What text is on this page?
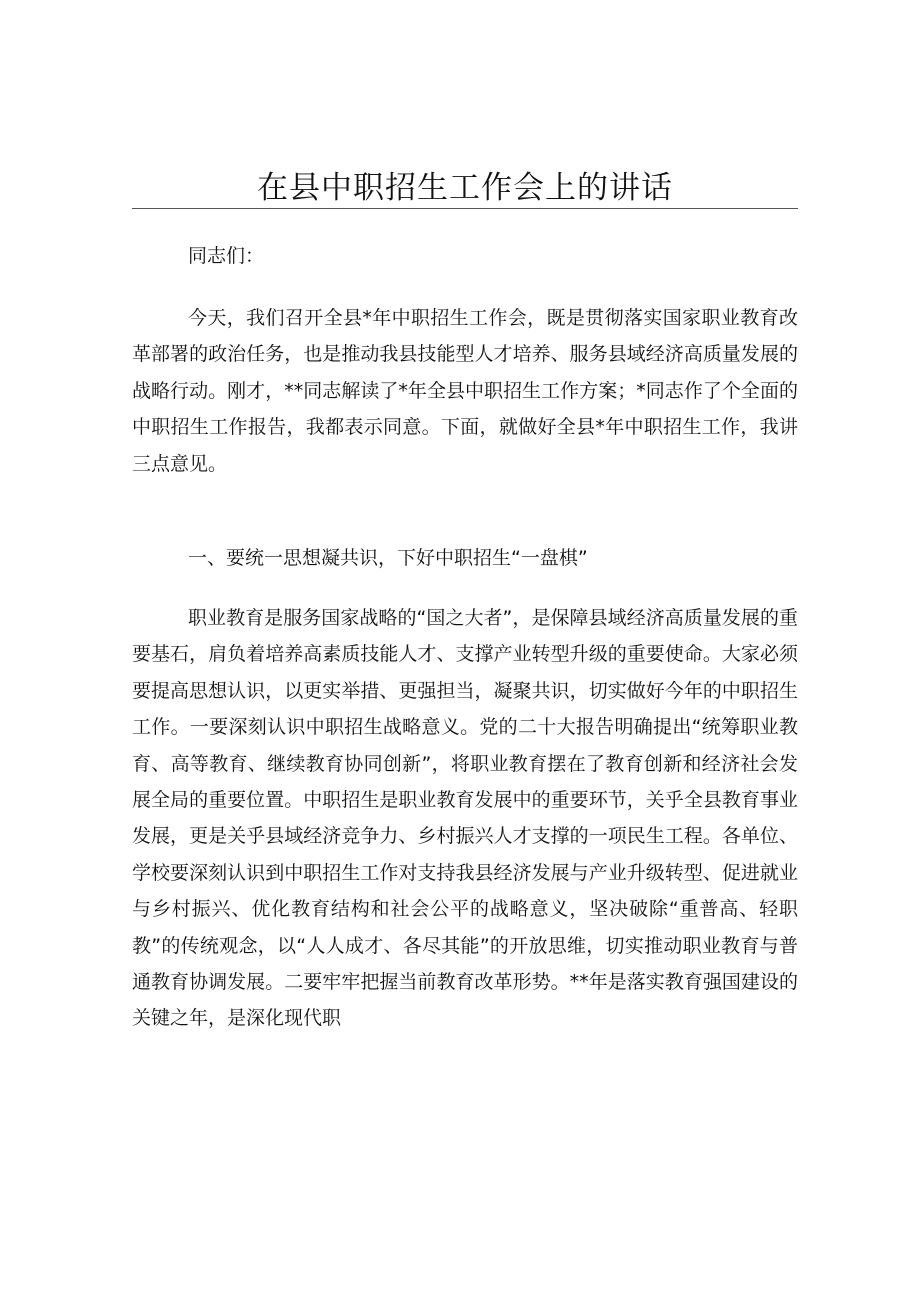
在县中职招生工作会上的讲话
同志们：
今天，我们召开全县*年中职招生工作会，既是贯彻落实国家职业教育改革部署的政治任务，也是推动我县技能型人才培养、服务县域经济高质量发展的战略行动。刚才，**同志解读了*年全县中职招生工作方案；*同志作了个全面的中职招生工作报告，我都表示同意。下面，就做好全县*年中职招生工作，我讲三点意见。
一、要统一思想凝共识，下好中职招生“一盘棋”
职业教育是服务国家战略的“国之大者”，是保障县域经济高质量发展的重要基石，肩负着培养高素质技能人才、支撑产业转型升级的重要使命。大家必须要提高思想认识，以更实举措、更强担当，凝聚共识，切实做好今年的中职招生工作。一要深刻认识中职招生战略意义。党的二十大报告明确提出“统筹职业教育、高等教育、继续教育协同创新”，将职业教育摆在了教育创新和经济社会发展全局的重要位置。中职招生是职业教育发展中的重要环节，关乎全县教育事业发展，更是关乎县域经济竞争力、乡村振兴人才支撑的一项民生工程。各单位、学校要深刻认识到中职招生工作对支持我县经济发展与产业升级转型、促进就业与乡村振兴、优化教育结构和社会公平的战略意义，坚决破除“重普高、轻职教”的传统观念，以“人人成才、各尽其能”的开放思维，切实推动职业教育与普通教育协调发展。二要牢牢把握当前教育改革形势。**年是落实教育强国建设的关键之年，是深化现代职
